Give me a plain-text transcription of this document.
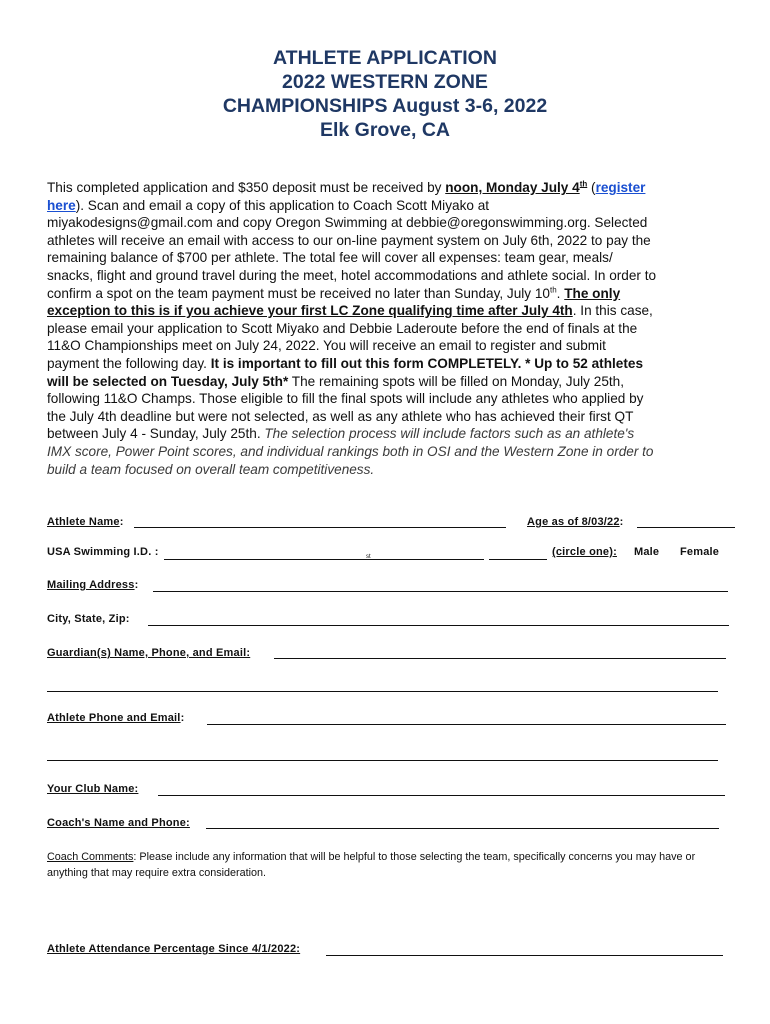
ATHLETE APPLICATION
2022 WESTERN ZONE
CHAMPIONSHIPS August 3-6, 2022
Elk Grove, CA
This completed application and $350 deposit must be received by noon, Monday July 4th (register
here). Scan and email a copy of this application to Coach Scott Miyako at
miyakodesigns@gmail.com and copy Oregon Swimming at debbie@oregonswimming.org. Selected
athletes will receive an email with access to our on-line payment system on July 6th, 2022 to pay the
remaining balance of $700 per athlete. The total fee will cover all expenses: team gear, meals/
snacks, flight and ground travel during the meet, hotel accommodations and athlete social. In order to
confirm a spot on the team payment must be received no later than Sunday, July 10th. The only
exception to this is if you achieve your first LC Zone qualifying time after July 4th. In this case,
please email your application to Scott Miyako and Debbie Laderoute before the end of finals at the
11&O Championships meet on July 24, 2022. You will receive an email to register and submit
payment the following day. It is important to fill out this form COMPLETELY. * Up to 52 athletes
will be selected on Tuesday, July 5th* The remaining spots will be filled on Monday, July 25th,
following 11&O Champs. Those eligible to fill the final spots will include any athletes who applied by
the July 4th deadline but were not selected, as well as any athlete who has achieved their first QT
between July 4 - Sunday, July 25th. The selection process will include factors such as an athlete's
IMX score, Power Point scores, and individual rankings both in OSI and the Western Zone in order to
build a team focused on overall team competitiveness.
Athlete Name:	Age as of 8/03/22:
USA Swimming I.D. :	st	(circle one): Male Female
Mailing Address:
City, State, Zip:
Guardian(s) Name, Phone, and Email:
Athlete Phone and Email:
Your Club Name:
Coach's Name and Phone:
Coach Comments: Please include any information that will be helpful to those selecting the team, specifically concerns you may have or anything that may require extra consideration.
Athlete Attendance Percentage Since 4/1/2022:
